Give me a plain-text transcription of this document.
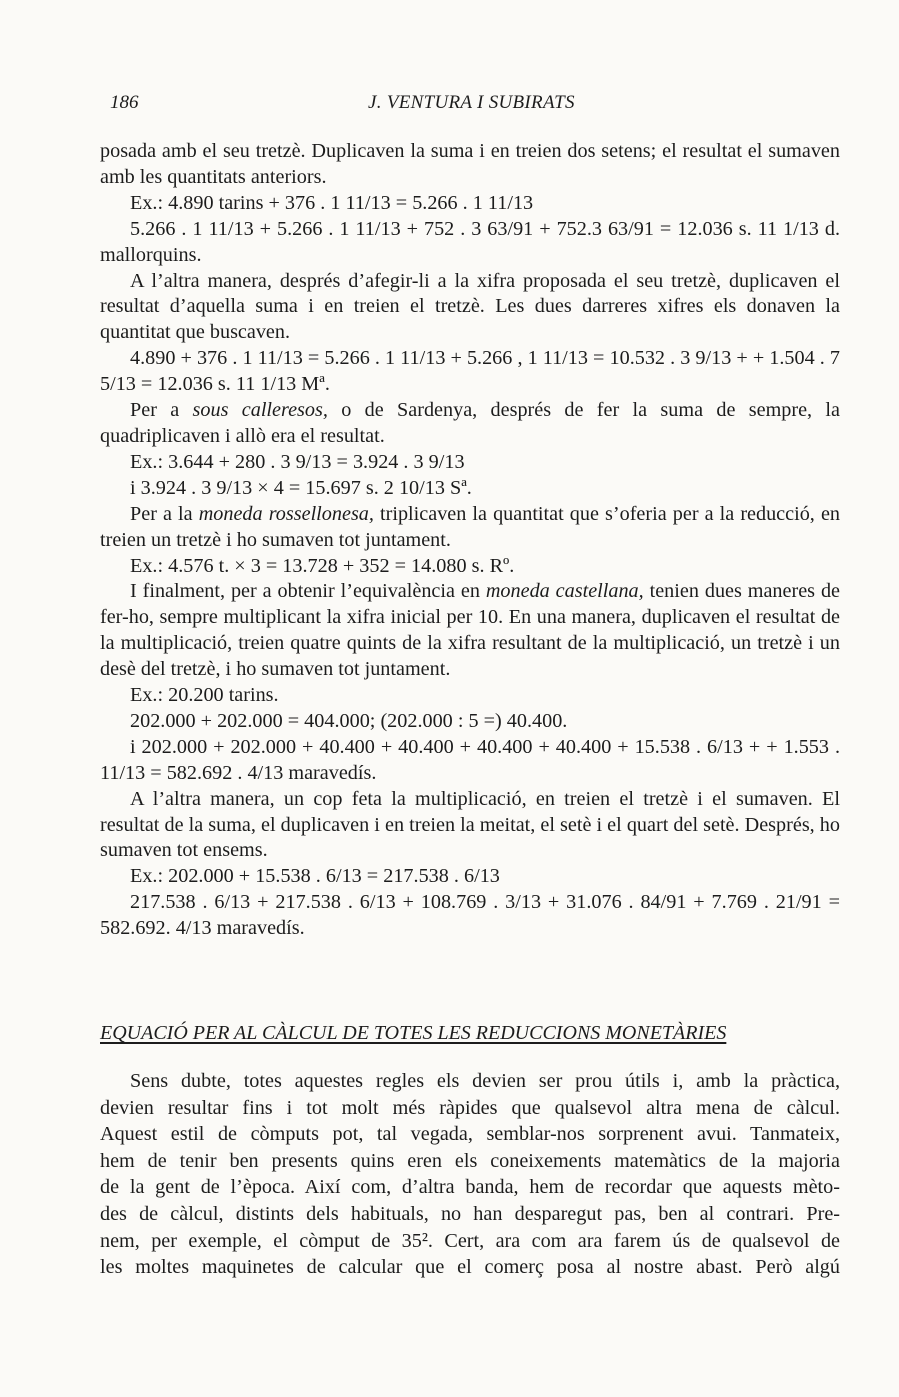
186	J. VENTURA I SUBIRATS

posada amb el seu tretzè. Duplicaven la suma i en treien dos setens; el resultat el sumaven amb les quantitats anteriors.

Ex.: 4.890 tarins + 376 . 1 11/13 = 5.266 . 1 11/13

5.266 . 1 11/13 + 5.266 . 1 11/13 + 752 . 3 63/91 + 752.3 63/91 = 12.036 s. 11 1/13 d. mallorquins.

A l’altra manera, després d’afegir-li a la xifra proposada el seu tretzè, duplicaven el resultat d’aquella suma i en treien el tretzè. Les dues darreres xifres els donaven la quantitat que buscaven.

4.890 + 376 . 1 11/13 = 5.266 . 1 11/13 + 5.266 , 1 11/13 = 10.532 . 3 9/13 + + 1.504 . 7 5/13 = 12.036 s. 11 1/13 Mª.

Per a sous calleresos, o de Sardenya, després de fer la suma de sempre, la quadriplicaven i allò era el resultat.

Ex.: 3.644 + 280 . 3 9/13 = 3.924 . 3 9/13

i 3.924 . 3 9/13 × 4 = 15.697 s. 2 10/13 Sª.

Per a la moneda rossellonesa, triplicaven la quantitat que s’oferia per a la reducció, en treien un tretzè i ho sumaven tot juntament.

Ex.: 4.576 t. × 3 = 13.728 + 352 = 14.080 s. Rº.

I finalment, per a obtenir l’equivalència en moneda castellana, tenien dues maneres de fer-ho, sempre multiplicant la xifra inicial per 10. En una manera, duplicaven el resultat de la multiplicació, treien quatre quints de la xifra resultant de la multiplicació, un tretzè i un desè del tretzè, i ho sumaven tot juntament.

Ex.: 20.200 tarins.

202.000 + 202.000 = 404.000; (202.000 : 5 =) 40.400.

i 202.000 + 202.000 + 40.400 + 40.400 + 40.400 + 40.400 + 15.538 . 6/13 + + 1.553 . 11/13 = 582.692 . 4/13 maravedís.

A l’altra manera, un cop feta la multiplicació, en treien el tretzè i el sumaven. El resultat de la suma, el duplicaven i en treien la meitat, el setè i el quart del setè. Després, ho sumaven tot ensems.

Ex.: 202.000 + 15.538 . 6/13 = 217.538 . 6/13

217.538 . 6/13 + 217.538 . 6/13 + 108.769 . 3/13 + 31.076 . 84/91 + 7.769 . 21/91 = 582.692. 4/13 maravedís.

EQUACIÓ PER AL CÀLCUL DE TOTES LES REDUCCIONS MONETÀRIES

Sens dubte, totes aquestes regles els devien ser prou útils i, amb la pràctica,

devien resultar fins i tot molt més ràpides que qualsevol altra mena de càlcul.

Aquest estil de còmputs pot, tal vegada, semblar-nos sorprenent avui. Tanmateix,

hem de tenir ben presents quins eren els coneixements matemàtics de la majoria

de la gent de l’època. Així com, d’altra banda, hem de recordar que aquests mèto-

des de càlcul, distints dels habituals, no han desparegut pas, ben al contrari. Pre-

nem, per exemple, el còmput de 35². Cert, ara com ara farem ús de qualsevol de

les moltes maquinetes de calcular que el comerç posa al nostre abast. Però algú
